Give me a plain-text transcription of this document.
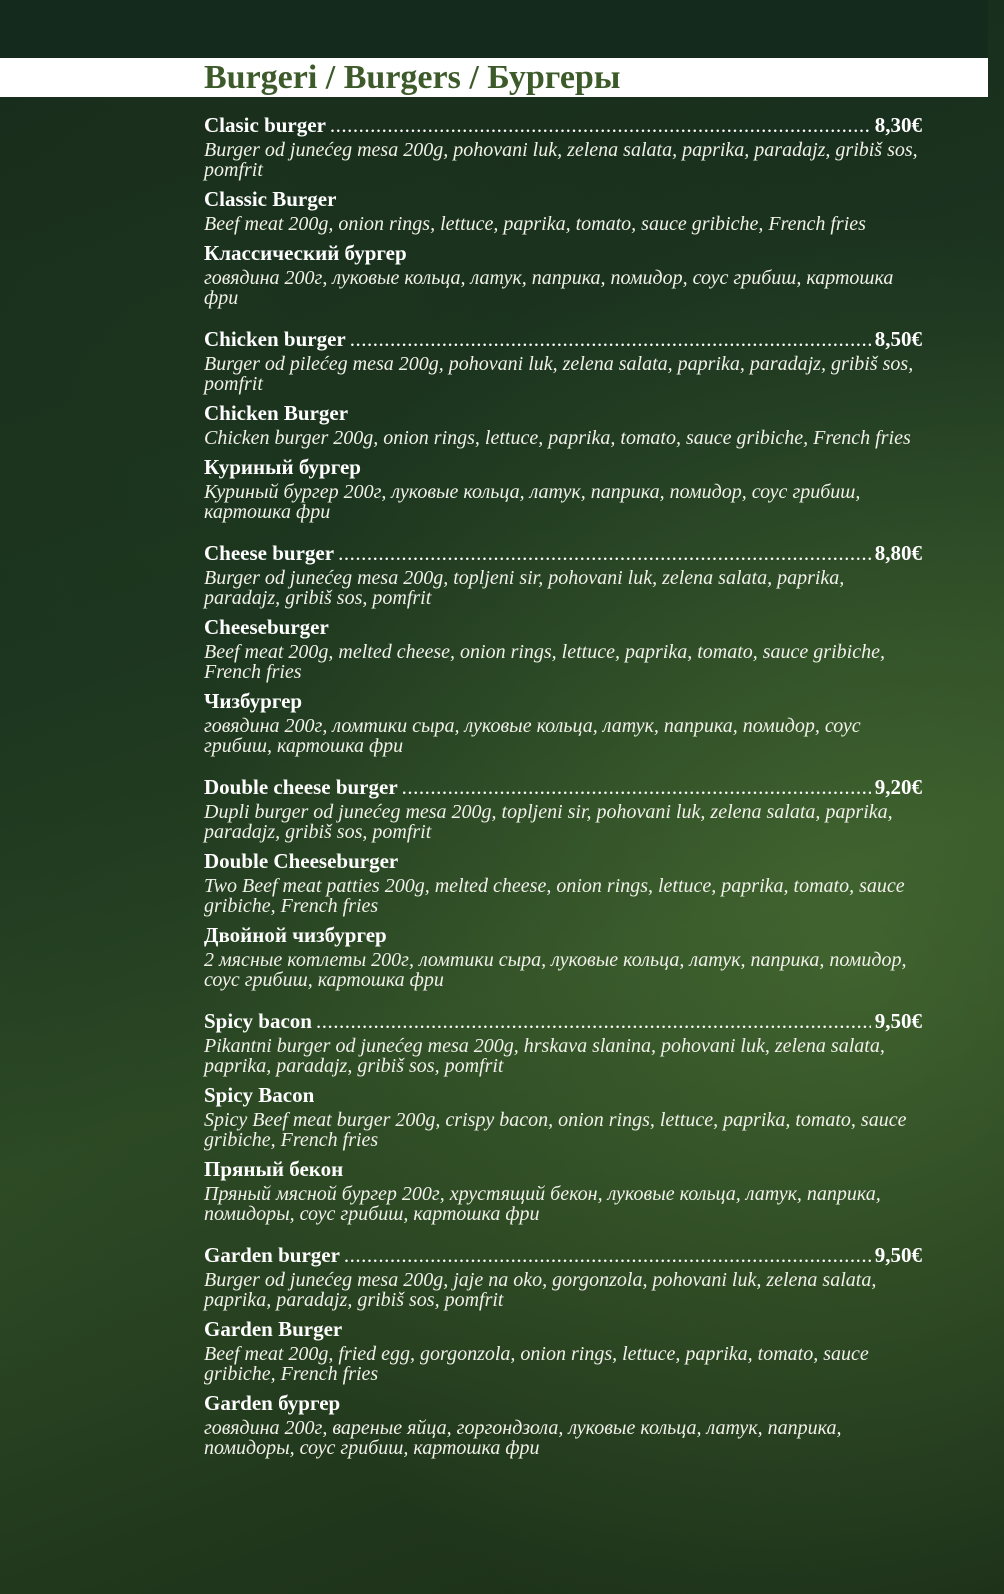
Burgeri / Burgers / Бургеры
Clasic burger .....	8,30€
Burger od junećeg mesa 200g, pohovani luk, zelena salata, paprika, paradajz, gribiš sos, pomfrit
Classic Burger
Beef meat 200g, onion rings, lettuce, paprika, tomato, sauce gribiche, French fries
Классический бургер
говядина 200г, луковые кольца, латук, паприка, помидор, соус грибиш, картошка фри
Chicken burger .....	8,50€
Burger od pilećeg mesa 200g, pohovani luk, zelena salata, paprika, paradajz, gribiš sos, pomfrit
Chicken Burger
Chicken burger 200g, onion rings, lettuce, paprika, tomato, sauce gribiche, French fries
Куриный бургер
Куриный бургер 200г, луковые кольца, латук, паприка, помидор, соус грибиш, картошка фри
Cheese burger .....	8,80€
Burger od junećeg mesa 200g, topljeni sir, pohovani luk, zelena salata, paprika, paradajz, gribiš sos, pomfrit
Cheeseburger
Beef meat 200g, melted cheese, onion rings, lettuce, paprika, tomato, sauce gribiche, French fries
Чизбургер
говядина 200г, ломтики сыра, луковые кольца, латук, паприка, помидор, соус грибиш, картошка фри
Double cheese burger .....	9,20€
Dupli burger od junećeg mesa 200g, topljeni sir, pohovani luk, zelena salata, paprika, paradajz, gribiš sos, pomfrit
Double Cheeseburger
Two Beef meat patties 200g, melted cheese, onion rings, lettuce, paprika, tomato, sauce gribiche, French fries
Двойной чизбургер
2 мясные котлеты 200г, ломтики сыра, луковые кольца, латук, паприка, помидор, соус грибиш, картошка фри
Spicy bacon .....	9,50€
Pikantni burger od junećeg mesa 200g, hrskava slanina, pohovani luk, zelena salata, paprika, paradajz, gribiš sos, pomfrit
Spicy Bacon
Spicy Beef meat burger 200g, crispy bacon, onion rings, lettuce, paprika, tomato, sauce gribiche, French fries
Пряный бекон
Пряный мясной бургер 200г, хрустящий бекон, луковые кольца, латук, паприка, помидоры, соус грибиш, картошка фри
Garden burger .....	9,50€
Burger od junećeg mesa 200g, jaje na oko, gorgonzola, pohovani luk, zelena salata, paprika, paradajz, gribiš sos, pomfrit
Garden Burger
Beef meat 200g, fried egg, gorgonzola, onion rings, lettuce, paprika, tomato, sauce gribiche, French fries
Garden бургер
говядина 200г, вареные яйца, горгондзола, луковые кольца, латук, паприка, помидоры, соус грибиш, картошка фри
